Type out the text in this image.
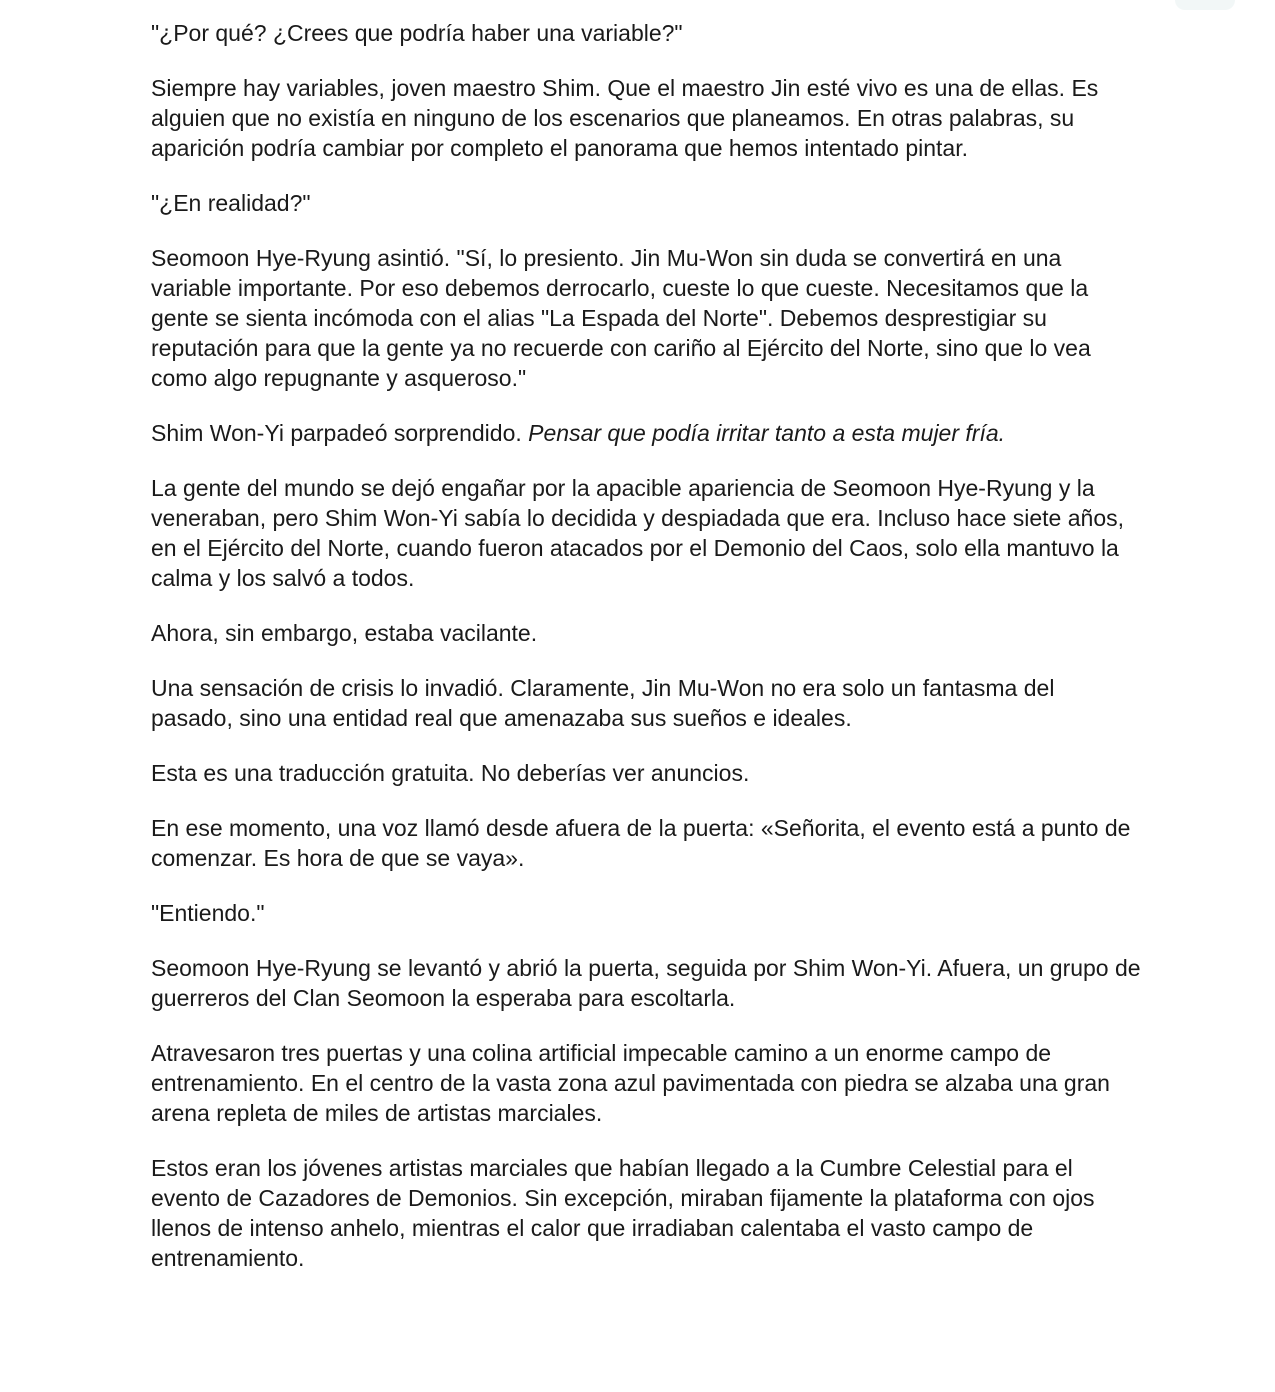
"¿Por qué? ¿Crees que podría haber una variable?"

Siempre hay variables, joven maestro Shim. Que el maestro Jin esté vivo es una de ellas. Es alguien que no existía en ninguno de los escenarios que planeamos. En otras palabras, su aparición podría cambiar por completo el panorama que hemos intentado pintar.

"¿En realidad?"

Seomoon Hye-Ryung asintió. "Sí, lo presiento. Jin Mu-Won sin duda se convertirá en una variable importante. Por eso debemos derrocarlo, cueste lo que cueste. Necesitamos que la gente se sienta incómoda con el alias "La Espada del Norte". Debemos desprestigiar su reputación para que la gente ya no recuerde con cariño al Ejército del Norte, sino que lo vea como algo repugnante y asqueroso."

Shim Won-Yi parpadeó sorprendido. Pensar que podía irritar tanto a esta mujer fría.

La gente del mundo se dejó engañar por la apacible apariencia de Seomoon Hye-Ryung y la veneraban, pero Shim Won-Yi sabía lo decidida y despiadada que era. Incluso hace siete años, en el Ejército del Norte, cuando fueron atacados por el Demonio del Caos, solo ella mantuvo la calma y los salvó a todos.

Ahora, sin embargo, estaba vacilante.

Una sensación de crisis lo invadió. Claramente, Jin Mu-Won no era solo un fantasma del pasado, sino una entidad real que amenazaba sus sueños e ideales.

Esta es una traducción gratuita. No deberías ver anuncios.

En ese momento, una voz llamó desde afuera de la puerta: «Señorita, el evento está a punto de comenzar. Es hora de que se vaya».

"Entiendo."

Seomoon Hye-Ryung se levantó y abrió la puerta, seguida por Shim Won-Yi. Afuera, un grupo de guerreros del Clan Seomoon la esperaba para escoltarla.

Atravesaron tres puertas y una colina artificial impecable camino a un enorme campo de entrenamiento. En el centro de la vasta zona azul pavimentada con piedra se alzaba una gran arena repleta de miles de artistas marciales.

Estos eran los jóvenes artistas marciales que habían llegado a la Cumbre Celestial para el evento de Cazadores de Demonios. Sin excepción, miraban fijamente la plataforma con ojos llenos de intenso anhelo, mientras el calor que irradiaban calentaba el vasto campo de entrenamiento.
